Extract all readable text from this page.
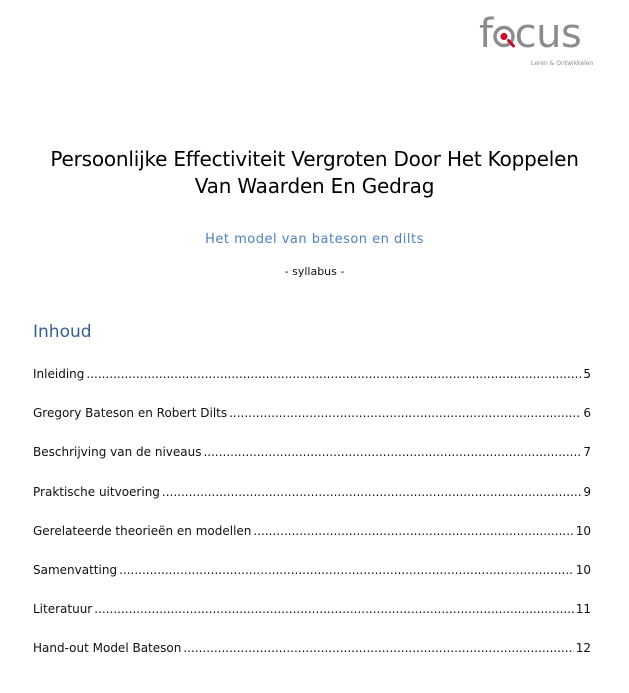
f cus
Leren & Ontwikkelen
Persoonlijke Effectiviteit Vergroten Door Het Koppelen
Van Waarden En Gedrag
Het model van bateson en dilts
- syllabus -
Inhoud
Inleiding .....	5
Gregory Bateson en Robert Dilts .....	6
Beschrijving van de niveaus .....	7
Praktische uitvoering .....	9
Gerelateerde theorieën en modellen .....	10
Samenvatting .....	10
Literatuur .....	11
Hand-out Model Bateson .....	12
